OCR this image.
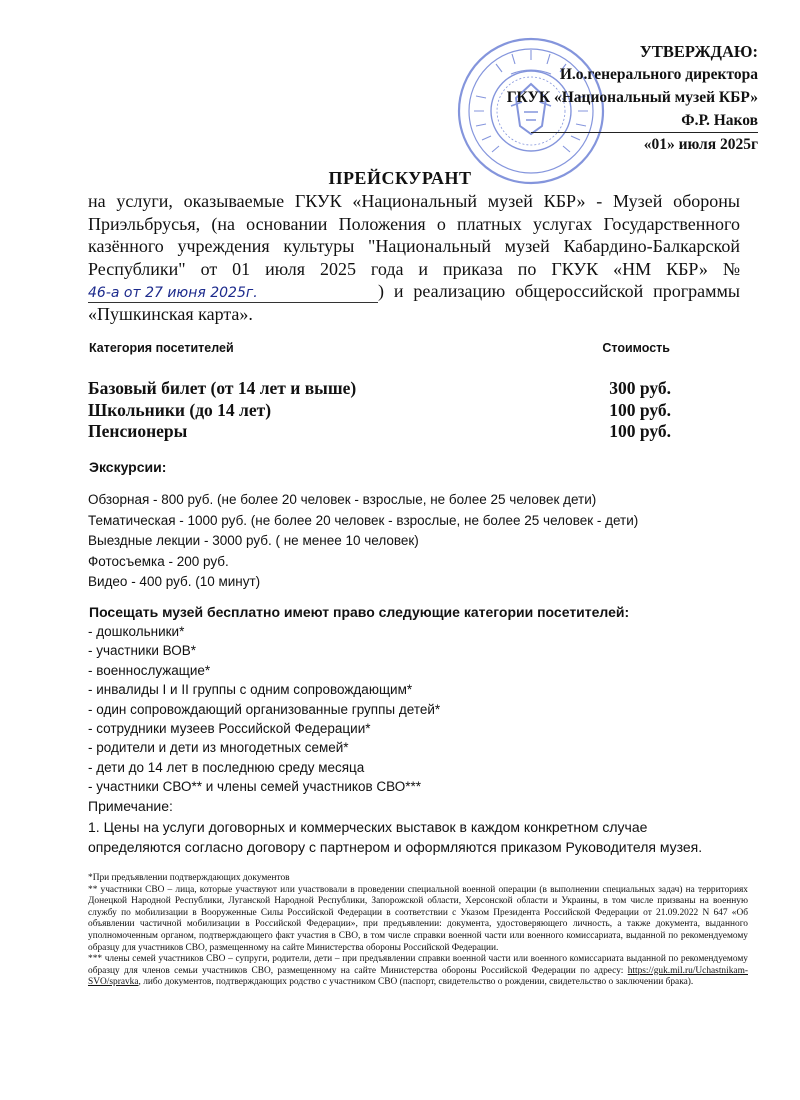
УТВЕРЖДАЮ:
И.о.генерального директора
ГКУК «Национальный музей КБР»
Ф.Р. Наков
«01» июля 2025г
ПРЕЙСКУРАНТ
на услуги, оказываемые ГКУК «Национальный музей КБР» - Музей обороны Приэльбрусья, (на основании Положения о платных услугах Государственного казённого учреждения культуры "Национальный музей Кабардино-Балкарской Республики" от 01 июля 2025 года и приказа по ГКУК «НМ КБР» №46-а от 27 июня 2025г.	) и реализацию общероссийской программы «Пушкинская карта».
Категория посетителей	Стоимость
Базовый билет (от 14 лет и выше)	300 руб.
Школьники (до 14 лет)	100 руб.
Пенсионеры	100 руб.
Экскурсии:
Обзорная - 800 руб. (не более 20 человек - взрослые, не более 25 человек дети)
Тематическая - 1000 руб. (не более 20 человек - взрослые, не более 25 человек - дети)
Выездные лекции - 3000 руб. ( не менее 10 человек)
Фотосъемка - 200 руб.
Видео - 400 руб. (10 минут)
Посещать музей бесплатно имеют право следующие категории посетителей:
- дошкольники*
- участники ВОВ*
- военнослужащие*
- инвалиды I и II группы с одним сопровождающим*
- один сопровождающий организованные группы детей*
- сотрудники музеев Российской Федерации*
- родители и дети из многодетных семей*
- дети до 14 лет в последнюю среду месяца
- участники СВО** и члены семей участников СВО***
Примечание:
1. Цены на услуги договорных и коммерческих выставок в каждом конкретном случае определяются согласно договору с партнером и оформляются приказом Руководителя музея.

*При предъявлении подтверждающих документов

** участники СВО – лица, которые участвуют или участвовали в проведении специальной военной операции (в выполнении специальных задач) на территориях Донецкой Народной Республики, Луганской Народной Республики, Запорожской области, Херсонской области и Украины, в том числе призваны на военную службу по мобилизации в Вооруженные Силы Российской Федерации в соответствии с Указом Президента Российской Федерации от 21.09.2022 N 647 «Об объявлении частичной мобилизации в Российской Федерации», при предъявлении: документа, удостоверяющего личность, а также документа, выданного уполномоченным органом, подтверждающего факт участия в СВО, в том числе справки военной части или военного комиссариата, выданной по рекомендуемому образцу для участников СВО, размещенному на сайте Министерства обороны Российской Федерации.

*** члены семей участников СВО – супруги, родители, дети – при предъявлении справки военной части или военного комиссариата выданной по рекомендуемому образцу для членов семьи участников СВО, размещенному на сайте Министерства обороны Российской Федерации по адресу: https://guk.mil.ru/Uchastnikam-SVO/spravka, либо документов, подтверждающих родство с участником СВО (паспорт, свидетельство о рождении, свидетельство о заключении брака).
